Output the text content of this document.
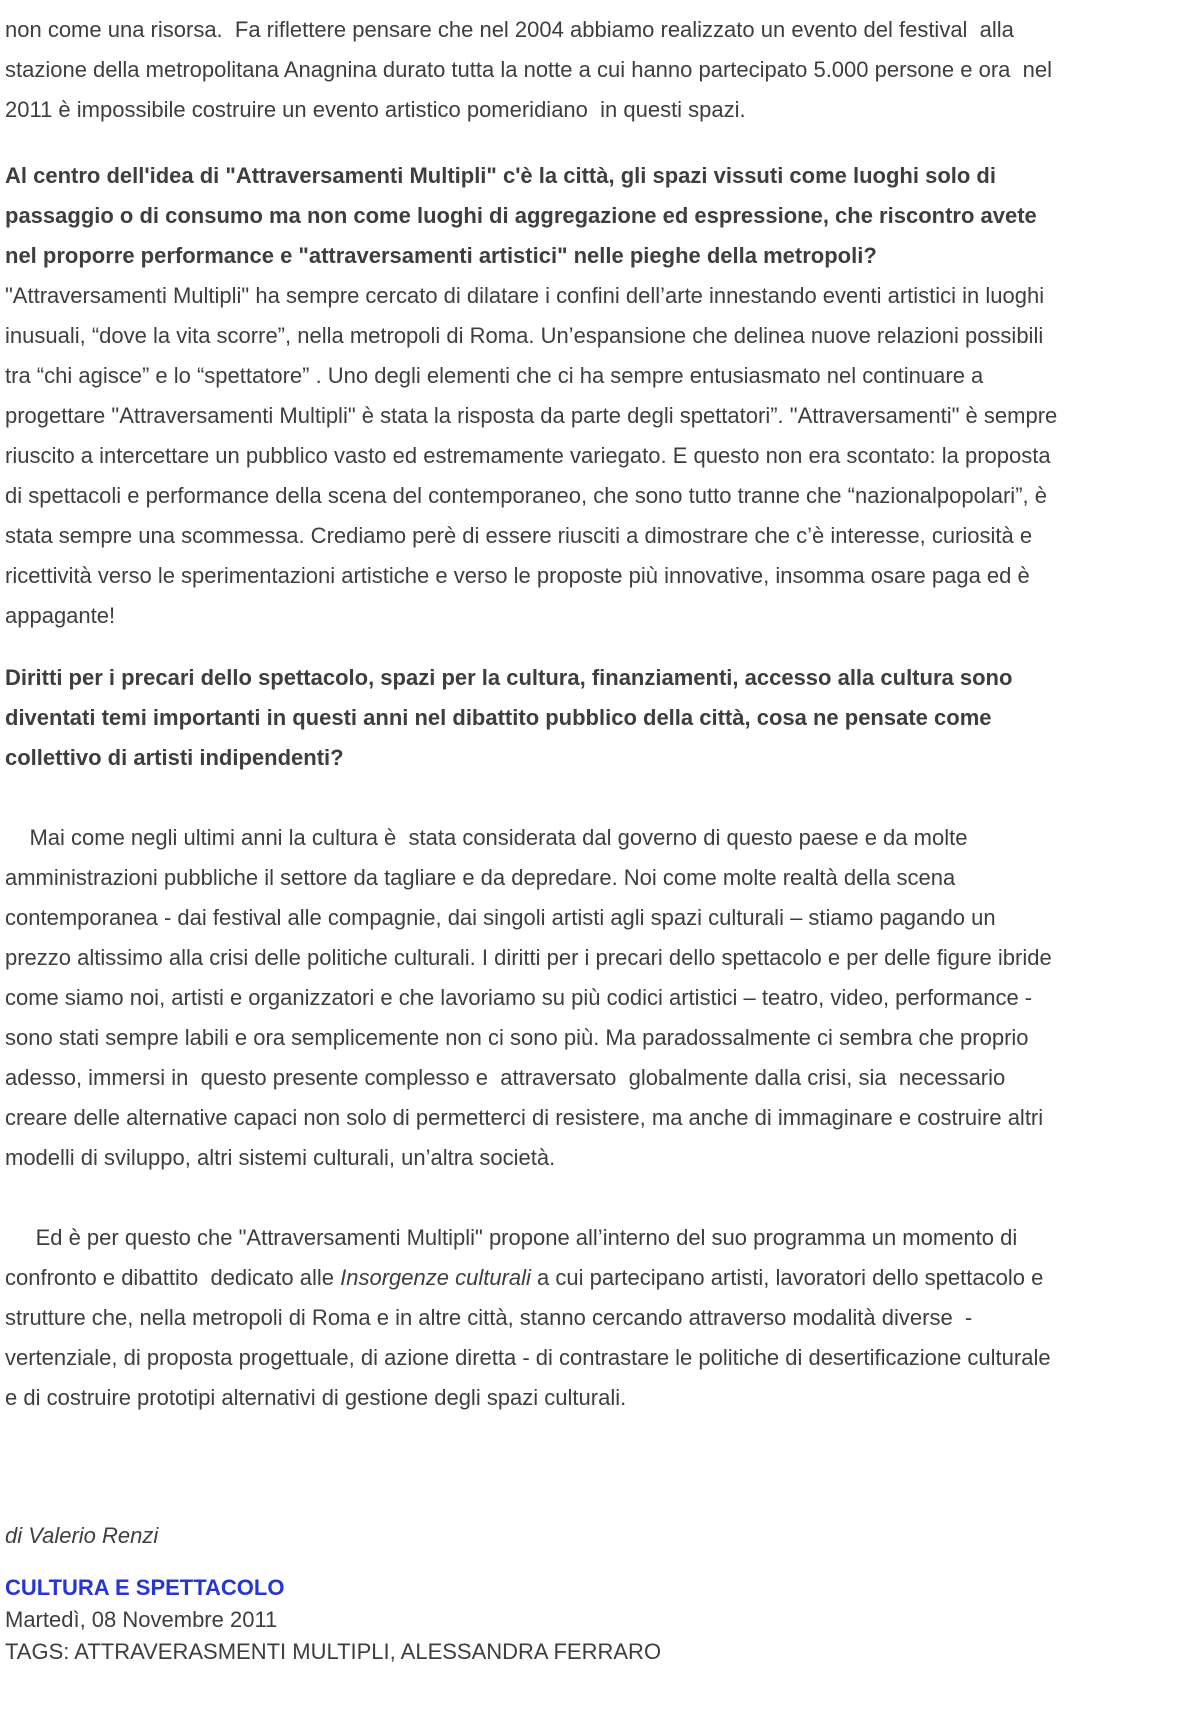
non come una risorsa.  Fa riflettere pensare che nel 2004 abbiamo realizzato un evento del festival  alla stazione della metropolitana Anagnina durato tutta la notte a cui hanno partecipato 5.000 persone e ora  nel 2011 è impossibile costruire un evento artistico pomeridiano  in questi spazi.

Al centro dell'idea di "Attraversamenti Multipli" c'è la città, gli spazi vissuti come luoghi solo di passaggio o di consumo ma non come luoghi di aggregazione ed espressione, che riscontro avete nel proporre performance e "attraversamenti artistici" nelle pieghe della metropoli?

"Attraversamenti Multipli" ha sempre cercato di dilatare i confini dell’arte innestando eventi artistici in luoghi inusuali, “dove la vita scorre”, nella metropoli di Roma. Un’espansione che delinea nuove relazioni possibili tra “chi agisce” e lo “spettatore” . Uno degli elementi che ci ha sempre entusiasmato nel continuare a progettare "Attraversamenti Multipli" è stata la risposta da parte degli spettatori”. "Attraversamenti" è sempre riuscito a intercettare un pubblico vasto ed estremamente variegato. E questo non era scontato: la proposta di spettacoli e performance della scena del contemporaneo, che sono tutto tranne che “nazionalpopolari”, è stata sempre una scommessa. Crediamo perè di essere riusciti a dimostrare che c’è interesse, curiosità e ricettività verso le sperimentazioni artistiche e verso le proposte più innovative, insomma osare paga ed è appagante!

Diritti per i precari dello spettacolo, spazi per la cultura, finanziamenti, accesso alla cultura sono diventati temi importanti in questi anni nel dibattito pubblico della città, cosa ne pensate come collettivo di artisti indipendenti?

Mai come negli ultimi anni la cultura è  stata considerata dal governo di questo paese e da molte amministrazioni pubbliche il settore da tagliare e da depredare. Noi come molte realtà della scena contemporanea - dai festival alle compagnie, dai singoli artisti agli spazi culturali – stiamo pagando un prezzo altissimo alla crisi delle politiche culturali. I diritti per i precari dello spettacolo e per delle figure ibride come siamo noi, artisti e organizzatori e che lavoriamo su più codici artistici – teatro, video, performance - sono stati sempre labili e ora semplicemente non ci sono più. Ma paradossalmente ci sembra che proprio adesso, immersi in  questo presente complesso e  attraversato  globalmente dalla crisi, sia  necessario creare delle alternative capaci non solo di permetterci di resistere, ma anche di immaginare e costruire altri modelli di sviluppo, altri sistemi culturali, un’altra società.

Ed è per questo che "Attraversamenti Multipli" propone all’interno del suo programma un momento di confronto e dibattito  dedicato alle Insorgenze culturali a cui partecipano artisti, lavoratori dello spettacolo e strutture che, nella metropoli di Roma e in altre città, stanno cercando attraverso modalità diverse  - vertenziale, di proposta progettuale, di azione diretta - di contrastare le politiche di desertificazione culturale e di costruire prototipi alternativi di gestione degli spazi culturali.

di Valerio Renzi

CULTURA E SPETTACOLO

Martedì, 08 Novembre 2011

TAGS: ATTRAVERASMENTI MULTIPLI, ALESSANDRA FERRARO
